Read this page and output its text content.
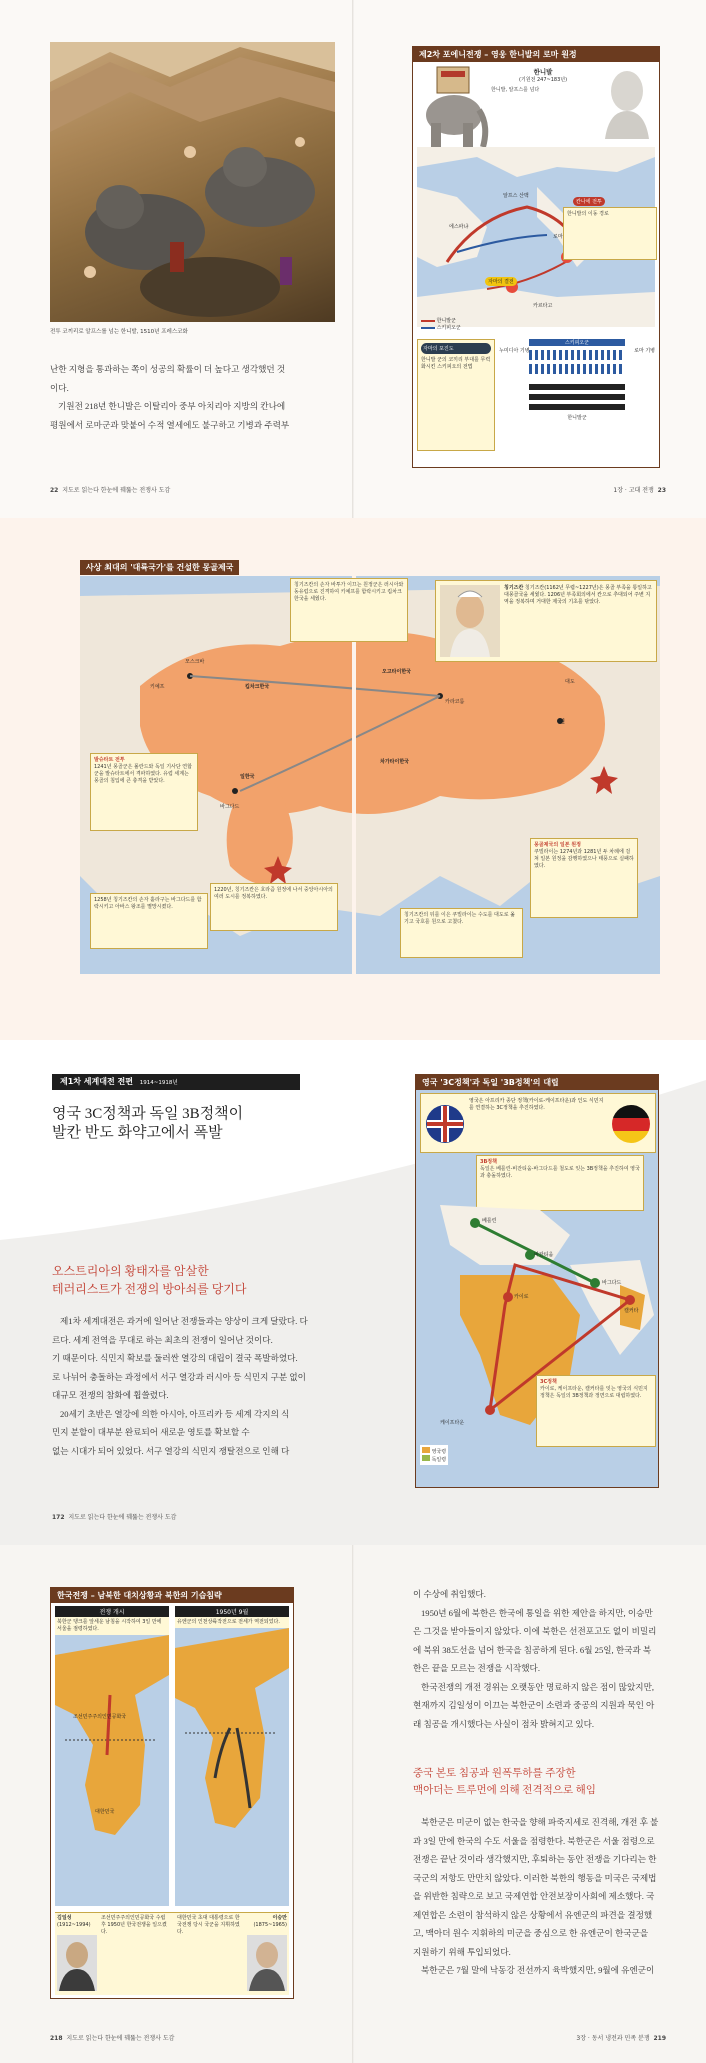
전투 코끼리로 알프스를 넘는 한니발, 1510년 프레스코화
난한 지형을 통과하는 쪽이 성공의 확률이 더 높다고 생각했던 것
이다.
기원전 218년 한니발은 이탈리아 중부 아치리아 지방의 칸나에
평원에서 로마군과 맞붙어 수적 열세에도 불구하고 기병과 주력부
22 지도로 읽는다 한눈에 꿰뚫는 전쟁사 도감	1장 · 고대 전쟁 23
제2차 포에니전쟁 – 영웅 한니발의 로마 원정
한니발
(기원전 247~183년)
한니발, 알프스를 넘다
알프스 산맥
로마
에스파냐
카르타고
칸나에 전투
자마의 결전
한니발의 이동 경로
한니발군
스키피오군
자마의 포진도
한니발 군의 코끼리 부대를 무력화시킨 스키피오의 전법
스키피오군
한니발군
누미디아 기병	로마 기병
사상 최대의 '대륙국가'를 건설한 몽골제국
칭기즈칸 칭기즈칸(1162년 무렵~1227년)은 몽골 부족을 통일하고 대몽골국을 세웠다. 1206년 부족회의에서 칸으로 추대되어 주변 지역을 정복하며 거대한 제국의 기초를 닦았다.
킵차크한국
일한국
오고타이한국
차가타이한국
원
카라코룸
대도
키예프
모스크바
바그다드
칭기즈칸의 손자 바투가 이끄는 원정군은 러시아와 동유럽으로 진격하여 키예프를 함락시키고 킵차크한국을 세웠다.
발슈타트 전투
1241년 몽골군은 폴란드와 독일 기사단 연합군을 발슈타트에서 격파하였다. 유럽 세계는 몽골의 침입에 큰 충격을 받았다.
1258년 칭기즈칸의 손자 훌라구는 바그다드를 함락시키고 아바스 왕조를 멸망시켰다.
1220년, 칭기즈칸은 호라즘 원정에 나서 중앙아시아의 여러 도시를 정복하였다.
칭기즈칸의 뒤를 이은 쿠빌라이는 수도를 대도로 옮기고 국호를 원으로 고쳤다.
몽골제국의 일본 원정
쿠빌라이는 1274년과 1281년 두 차례에 걸쳐 일본 원정을 감행하였으나 태풍으로 실패하였다.
제1차 세계대전 전편 1914~1918년
영국 3C정책과 독일 3B정책이
발칸 반도 화약고에서 폭발
오스트리아의 황태자를 암살한
테러리스트가 전쟁의 방아쇠를 당기다
제1차 세계대전은 과거에 일어난 전쟁들과는 양상이 크게 달랐다. 다
르다. 세계 전역을 무대로 하는 최초의 전쟁이 일어난 것이다.
기 때문이다. 식민지 확보를 둘러싼 열강의 대립이 결국 폭발하였다.
로 나뉘어 충돌하는 과정에서 서구 열강과 러시아 등 식민지 구분 없이
대규모 전쟁의 참화에 휩쓸렸다.
20세기 초반은 열강에 의한 아시아, 아프리카 등 세계 각지의 식
민지 분할이 대부분 완료되어 새로운 영토를 확보할 수
없는 시대가 되어 있었다. 서구 열강의 식민지 쟁탈전으로 인해 다
172 지도로 읽는다 한눈에 꿰뚫는 전쟁사 도감
영국 '3C정책'과 독일 '3B정책'의 대립
영국은 아프리카 종단 정책(카이로-케이프타운)과 인도 식민지를 연결하는 3C정책을 추진하였다.
3B정책
독일은 베를린-비잔티움-바그다드를 철도로 잇는 3B정책을 추진하여 영국과 충돌하였다.
베를린
비잔티움
바그다드
카이로
캘커타
케이프타운
3C정책
카이로, 케이프타운, 캘커타를 잇는 영국의 식민지 정책은 독일의 3B정책과 정면으로 대립하였다.
영국령
독일령
한국전쟁 – 남북한 대치상황과 북한의 기습침략
전쟁 개시
북한군 탱크를 앞세운 남침을 시작하여 3일 만에 서울을 점령하였다.
조선민주주의인민공화국
대한민국
1950년 9월
유엔군의 인천상륙작전으로 전세가 역전되었다.
김일성
(1912~1994)
조선민주주의인민공화국 수립 후 1950년 한국전쟁을 일으켰다.
대한민국 초대 대통령으로 한국전쟁 당시 국군을 지휘하였다.
이승만
(1875~1965)
이 수상에 취임했다.
1950년 6월에 북한은 한국에 통일을 위한 제안을 하지만, 이승만
은 그것을 받아들이지 않았다. 이에 북한은 선전포고도 없이 비밀리
에 북위 38도선을 넘어 한국을 침공하게 된다. 6월 25일, 한국과 북
한은 끝을 모르는 전쟁을 시작했다.
한국전쟁의 개전 경위는 오랫동안 명료하지 않은 점이 많았지만,
현재까지 김일성이 이끄는 북한군이 소련과 중공의 지원과 묵인 아
래 침공을 개시했다는 사실이 점차 밝혀지고 있다.
중국 본토 침공과 원폭투하를 주장한
맥아더는 트루먼에 의해 전격적으로 해임
북한군은 미군이 없는 한국을 향해 파죽지세로 진격해, 개전 후 불
과 3일 만에 한국의 수도 서울을 점령한다. 북한군은 서울 점령으로
전쟁은 끝난 것이라 생각했지만, 후퇴하는 동안 전쟁을 기다리는 한
국군의 저항도 만만치 않았다. 이러한 북한의 행동을 미국은 국제법
을 위반한 침략으로 보고 국제연합 안전보장이사회에 제소했다. 국
제연합은 소련이 참석하지 않은 상황에서 유엔군의 파견을 결정했
고, 맥아더 원수 지휘하의 미군을 중심으로 한 유엔군이 한국군을
지원하기 위해 투입되었다.
북한군은 7월 말에 낙동강 전선까지 육박했지만, 9월에 유엔군이
218 지도로 읽는다 한눈에 꿰뚫는 전쟁사 도감	3장 · 동서 냉전과 민족 분쟁 219
